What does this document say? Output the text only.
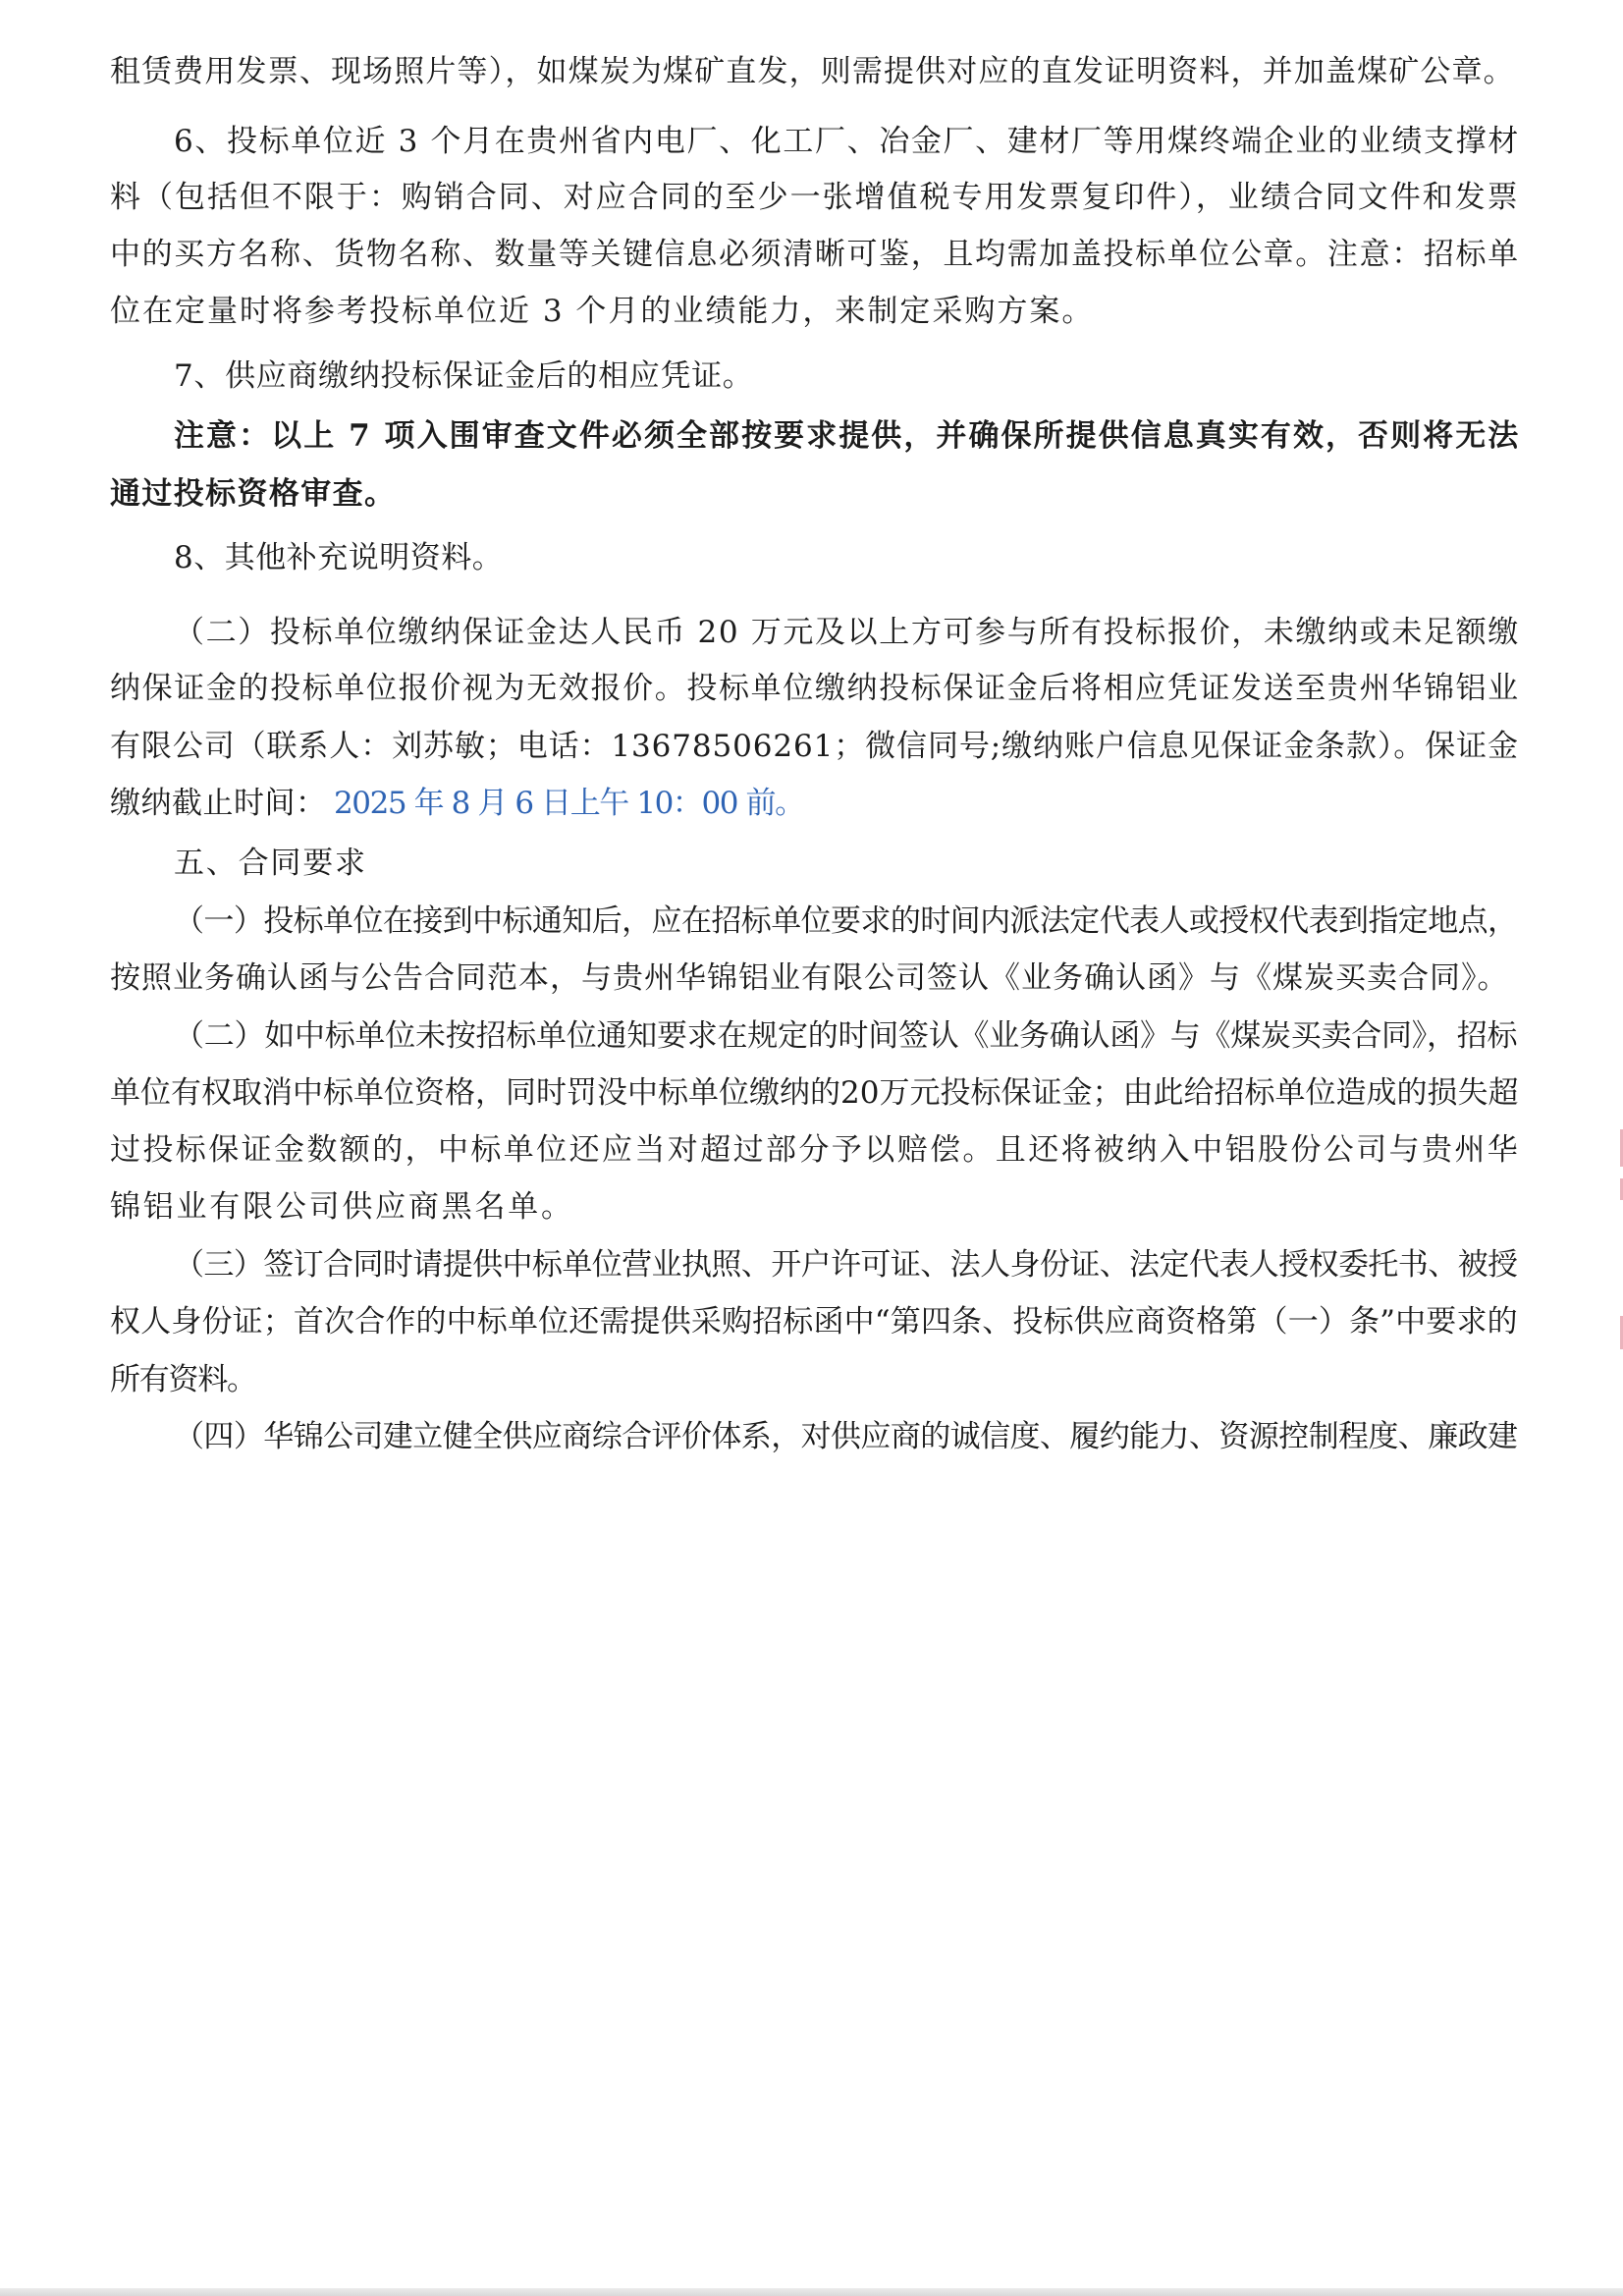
租赁费用发票、现场照片等），如煤炭为煤矿直发，则需提供对应的直发证明资料，并加盖煤矿公章。

6、投标单位近 3 个月在贵州省内电厂、化工厂、冶金厂、建材厂等用煤终端企业的业绩支撑材

料（包括但不限于：购销合同、对应合同的至少一张增值税专用发票复印件），业绩合同文件和发票

中的买方名称、货物名称、数量等关键信息必须清晰可鉴，且均需加盖投标单位公章。注意：招标单

位在定量时将参考投标单位近 3 个月的业绩能力，来制定采购方案。

7、供应商缴纳投标保证金后的相应凭证。

注意：以上 7 项入围审查文件必须全部按要求提供，并确保所提供信息真实有效，否则将无法

通过投标资格审查。

8、其他补充说明资料。

（二）投标单位缴纳保证金达人民币 20 万元及以上方可参与所有投标报价，未缴纳或未足额缴

纳保证金的投标单位报价视为无效报价。投标单位缴纳投标保证金后将相应凭证发送至贵州华锦铝业

有限公司（联系人：刘苏敏；电话：13678506261；微信同号;缴纳账户信息见保证金条款）。保证金

缴纳截止时间： 2025 年 8 月 6 日上午 10：00 前。

五、合同要求

（一）投标单位在接到中标通知后，应在招标单位要求的时间内派法定代表人或授权代表到指定地点，

按照业务确认函与公告合同范本，与贵州华锦铝业有限公司签认《业务确认函》与《煤炭买卖合同》。

（二）如中标单位未按招标单位通知要求在规定的时间签认《业务确认函》与《煤炭买卖合同》，招标

单位有权取消中标单位资格，同时罚没中标单位缴纳的20万元投标保证金；由此给招标单位造成的损失超

过投标保证金数额的，中标单位还应当对超过部分予以赔偿。且还将被纳入中铝股份公司与贵州华

锦铝业有限公司供应商黑名单。

（三）签订合同时请提供中标单位营业执照、开户许可证、法人身份证、法定代表人授权委托书、被授

权人身份证；首次合作的中标单位还需提供采购招标函中“第四条、投标供应商资格第（一）条”中要求的

所有资料。

（四）华锦公司建立健全供应商综合评价体系，对供应商的诚信度、履约能力、资源控制程度、廉政建
